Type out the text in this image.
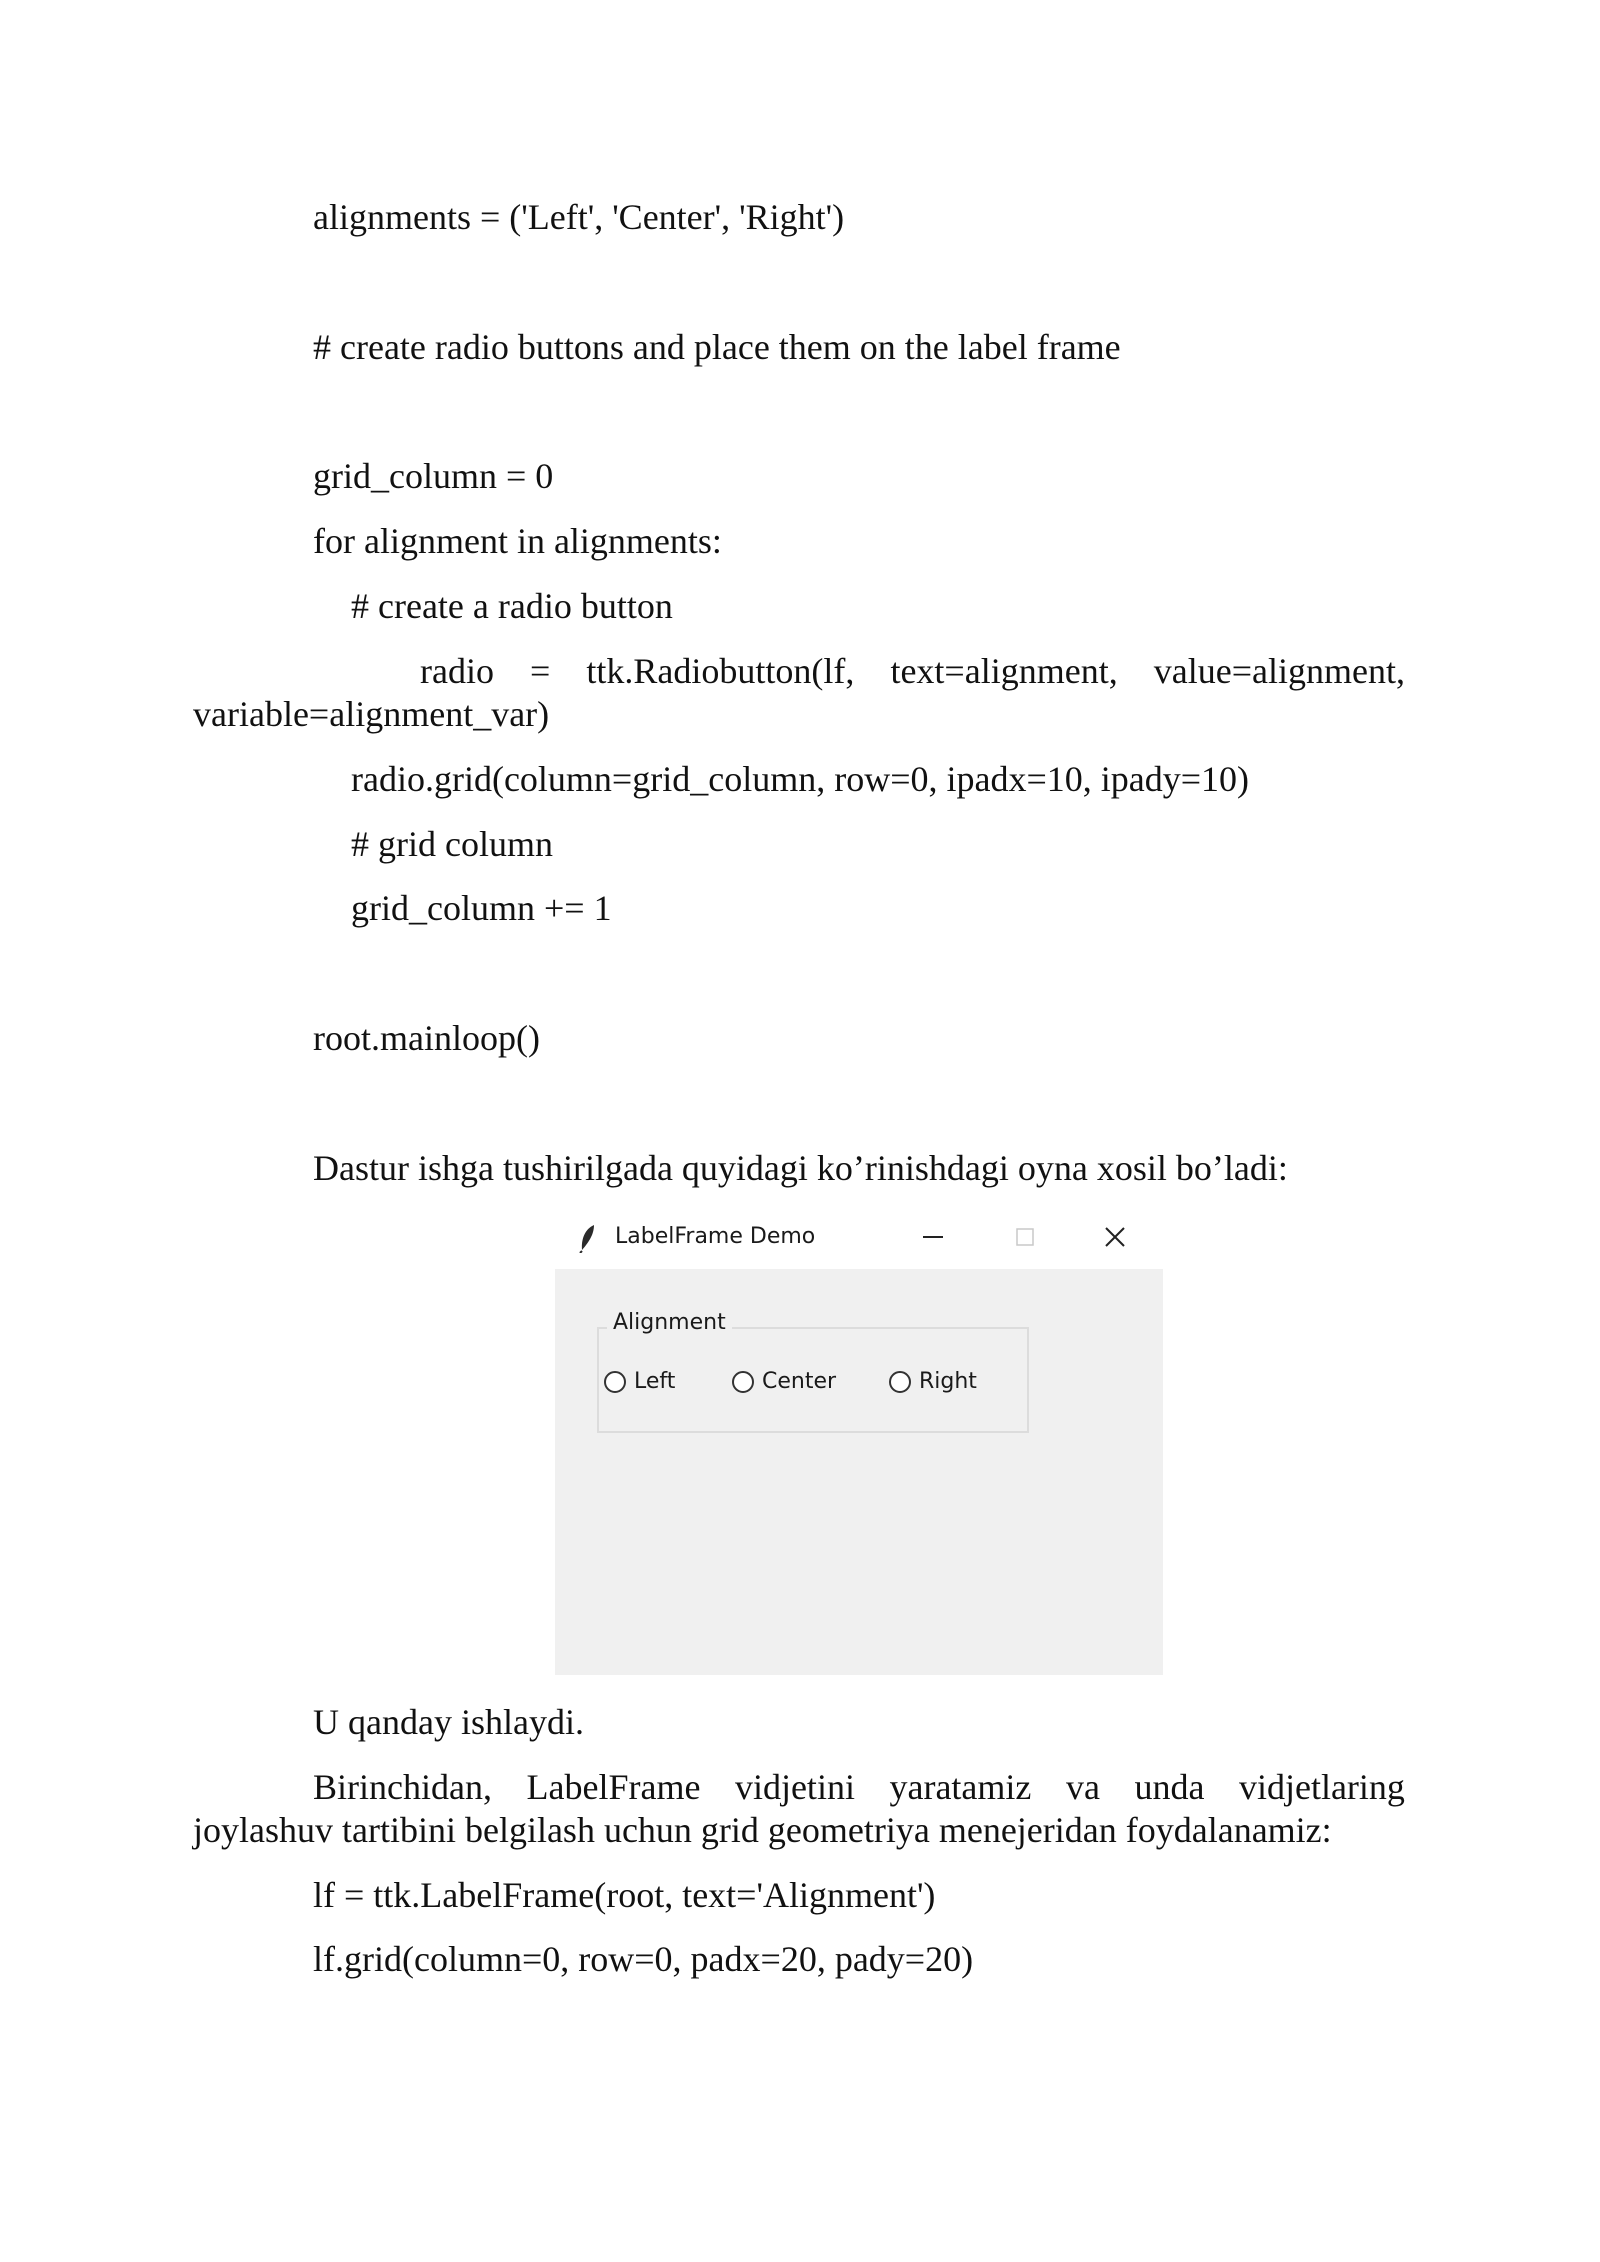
alignments = ('Left', 'Center', 'Right')
# create radio buttons and place them on the label frame
grid_column = 0
for alignment in alignments:
# create a radio button
radio = ttk.Radiobutton(lf, text=alignment, value=alignment,
variable=alignment_var)
radio.grid(column=grid_column, row=0, ipadx=10, ipady=10)
# grid column
grid_column += 1
root.mainloop()
Dastur ishga tushirilgada quyidagi ko’rinishdagi oyna xosil bo’ladi:
LabelFrame Demo
Alignment
Left	Center	Right
U qanday ishlaydi.
Birinchidan, LabelFrame vidjetini yaratamiz va unda vidjetlaring
joylashuv tartibini belgilash uchun grid geometriya menejeridan foydalanamiz:
lf = ttk.LabelFrame(root, text='Alignment')
lf.grid(column=0, row=0, padx=20, pady=20)
